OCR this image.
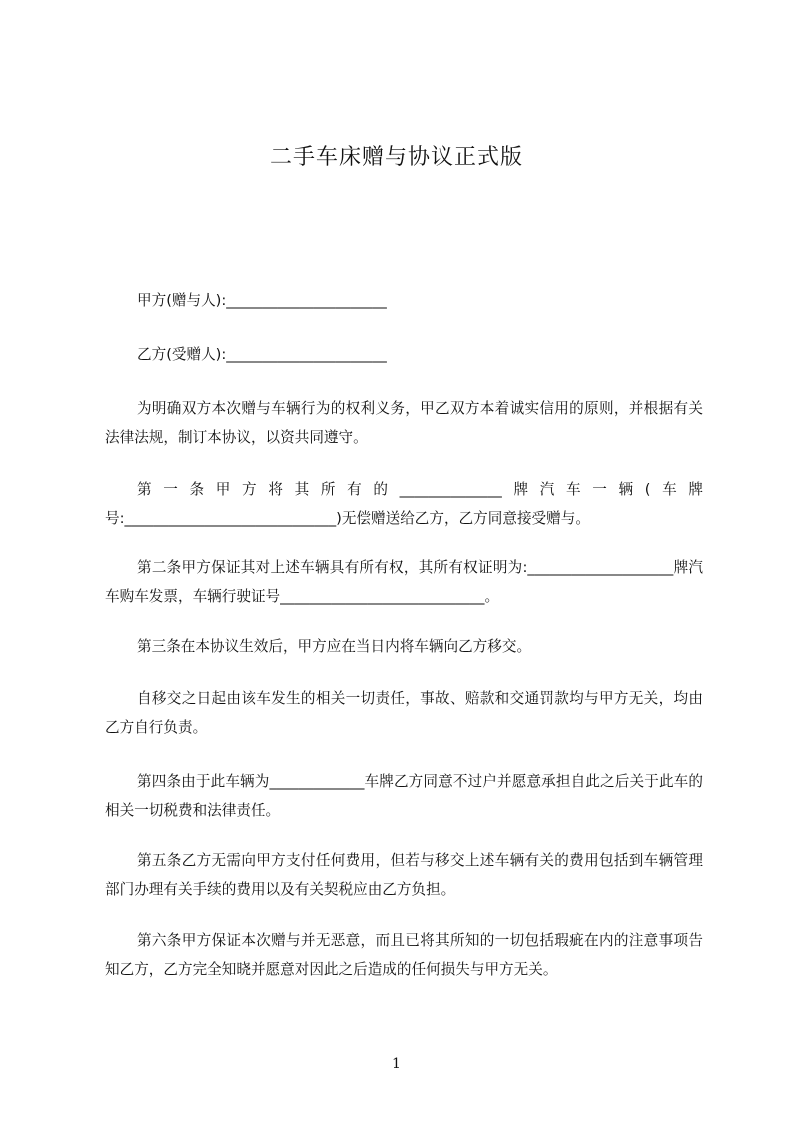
二手车床赠与协议正式版
甲方(赠与人):______________________
乙方(受赠人):______________________
为明确双方本次赠与车辆行为的权利义务，甲乙双方本着诚实信用的原则，并根据有关法律法规，制订本协议，以资共同遵守。
第一条甲方将其所有的______________牌汽车一辆(车牌号:_____________________________)无偿赠送给乙方，乙方同意接受赠与。
第二条甲方保证其对上述车辆具有所有权，其所有权证明为:____________________牌汽车购车发票，车辆行驶证号____________________________。
第三条在本协议生效后，甲方应在当日内将车辆向乙方移交。
自移交之日起由该车发生的相关一切责任，事故、赔款和交通罚款均与甲方无关，均由乙方自行负责。
第四条由于此车辆为_____________车牌乙方同意不过户并愿意承担自此之后关于此车的相关一切税费和法律责任。
第五条乙方无需向甲方支付任何费用，但若与移交上述车辆有关的费用包括到车辆管理部门办理有关手续的费用以及有关契税应由乙方负担。
第六条甲方保证本次赠与并无恶意，而且已将其所知的一切包括瑕疵在内的注意事项告知乙方，乙方完全知晓并愿意对因此之后造成的任何损失与甲方无关。
1
